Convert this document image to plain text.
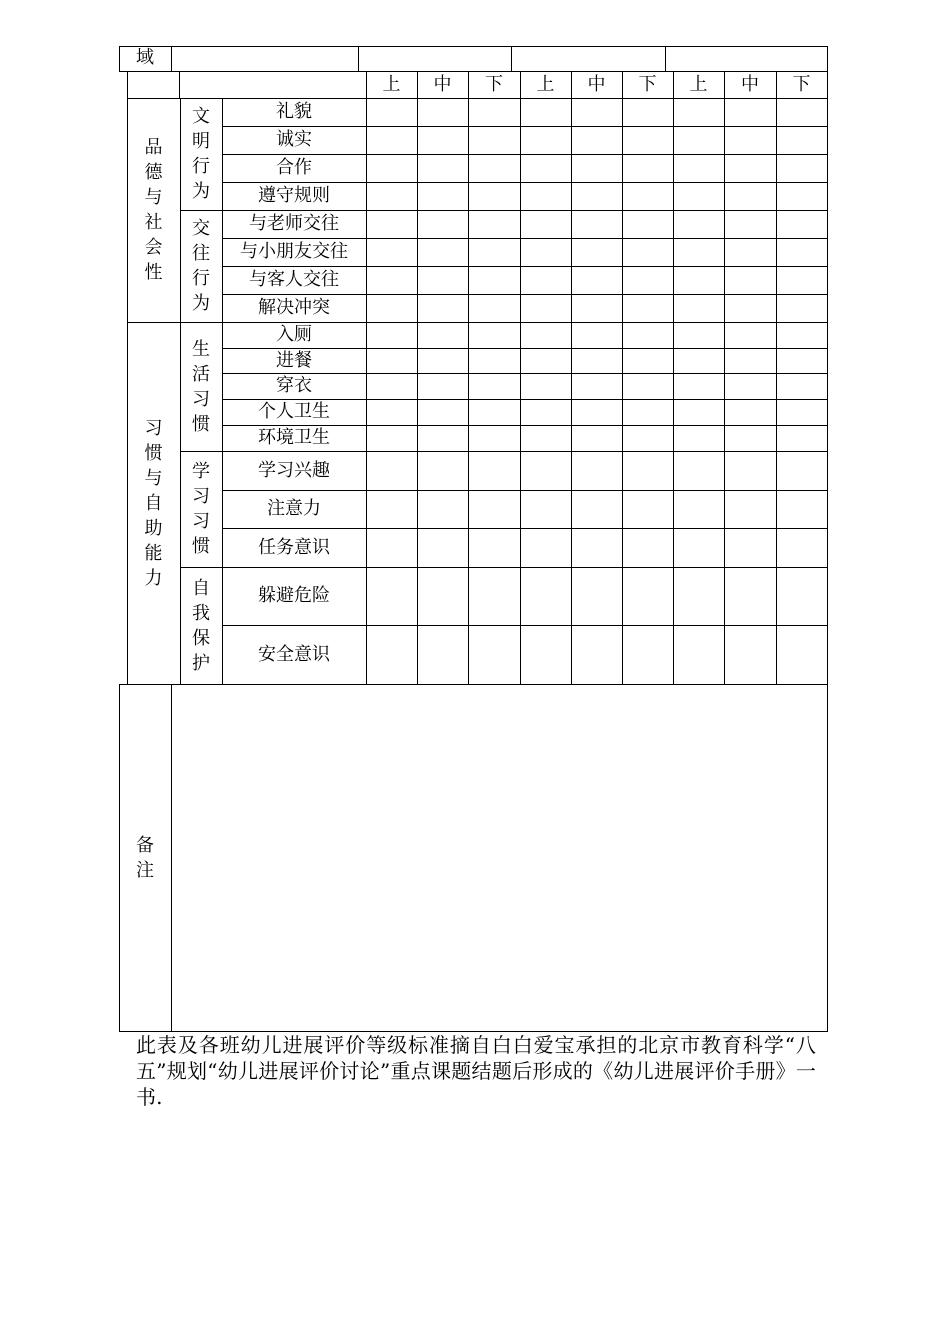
域
上 中 下 上 中 下 上 中 下
文
明
行
为
礼貌
诚实
合作
遵守规则
交
往
行
为
与老师交往
与小朋友交往
与客人交往
解决冲突
品
德
与
社
会
性
生
活
习
惯
入厕
进餐
穿衣
个人卫生
环境卫生
学
习
习
惯
学习兴趣
注意力
任务意识
自
我
保
护
躲避危险
安全意识
习
惯
与
自
助
能
力
备
注
此表及各班幼儿进展评价等级标准摘自白白爱宝承担的北京市教育科学“八五”规划“幼儿进展评价讨论”重点课题结题后形成的《幼儿进展评价手册》一书.
